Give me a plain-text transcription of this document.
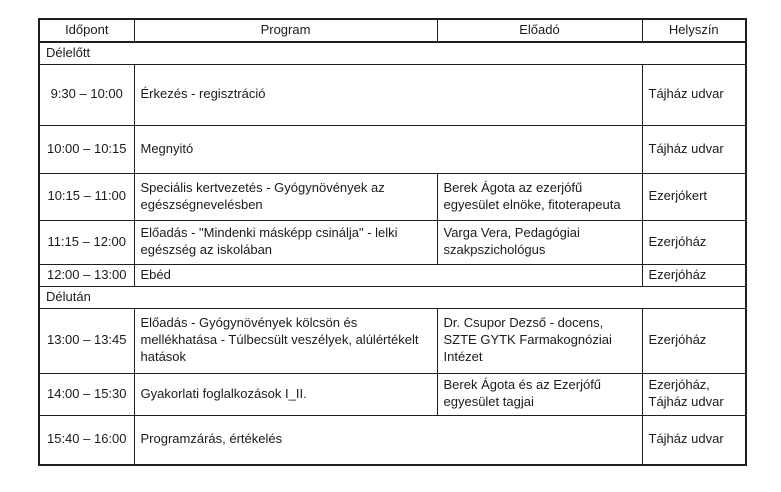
Időpont	Program	Előadó	Helyszín
Délelőtt			
9:30 – 10:00	Érkezés - regisztráció		Tájház udvar
10:00 – 10:15	Megnyitó		Tájház udvar
10:15 – 11:00	Speciális kertvezetés - Gyógynövények az egészségnevelésben	Berek Ágota az ezerjófű egyesület elnöke, fitoterapeuta	Ezerjókert
11:15 – 12:00	Előadás - "Mindenki másképp csinálja" - lelki egészség az iskolában	Varga Vera, Pedagógiai szakpszichológus	Ezerjóház
12:00 – 13:00	Ebéd		Ezerjóház
Délután			
13:00 – 13:45	Előadás - Gyógynövények kölcsön és mellékhatása - Túlbecsült veszélyek, alúlértékelt hatások	Dr. Csupor Dezső - docens, SZTE GYTK Farmakognóziai Intézet	Ezerjóház
14:00 – 15:30	Gyakorlati foglalkozások I_II.	Berek Ágota és az Ezerjófű egyesület tagjai	Ezerjóház, Tájház udvar
15:40 – 16:00	Programzárás, értékelés		Tájház udvar
